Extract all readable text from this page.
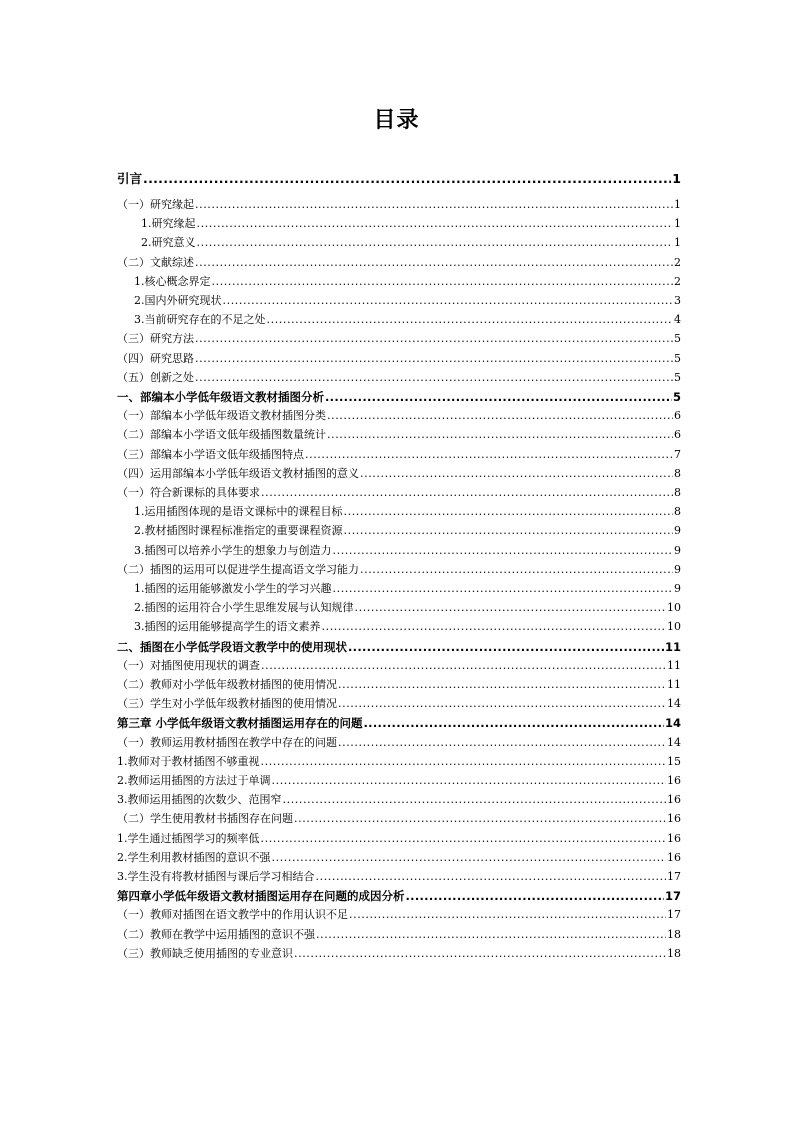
目录
引言 .....	1
（一）研究缘起 .....	1
1.研究缘起 .....	1
2.研究意义 .....	1
（二）文献综述 .....	2
1.核心概念界定 .....	2
2.国内外研究现状 .....	3
3.当前研究存在的不足之处 .....	4
（三）研究方法 .....	5
（四）研究思路 .....	5
（五）创新之处 .....	5
一、部编本小学低年级语文教材插图分析 .....	5
（一）部编本小学低年级语文教材插图分类 .....	6
（二）部编本小学语文低年级插图数量统计 .....	6
（三）部编本小学语文低年级插图特点 .....	7
（四）运用部编本小学低年级语文教材插图的意义 .....	8
（一）符合新课标的具体要求 .....	8
1.运用插图体现的是语文课标中的课程目标 .....	8
2.教材插图时课程标准指定的重要课程资源 .....	9
3.插图可以培养小学生的想象力与创造力 .....	9
（二）插图的运用可以促进学生提高语文学习能力 .....	9
1.插图的运用能够激发小学生的学习兴趣 .....	9
2.插图的运用符合小学生思维发展与认知规律 .....	10
3.插图的运用能够提高学生的语文素养 .....	10
二、插图在小学低学段语文教学中的使用现状 .....	11
（一）对插图使用现状的调查 .....	11
（二）教师对小学低年级教材插图的使用情况 .....	11
（三）学生对小学低年级教材插图的使用情况 .....	14
第三章 小学低年级语文教材插图运用存在的问题 .....	14
（一）教师运用教材插图在教学中存在的问题 .....	14
1.教师对于教材插图不够重视 .....	15
2.教师运用插图的方法过于单调 .....	16
3.教师运用插图的次数少、范围窄 .....	16
（二）学生使用教材书插图存在问题 .....	16
1.学生通过插图学习的频率低 .....	16
2.学生利用教材插图的意识不强 .....	16
3.学生没有将教材插图与课后学习相结合 .....	17
第四章小学低年级语文教材插图运用存在问题的成因分析 .....	17
（一）教师对插图在语文教学中的作用认识不足 .....	17
（二）教师在教学中运用插图的意识不强 .....	18
（三）教师缺乏使用插图的专业意识 .....	18
